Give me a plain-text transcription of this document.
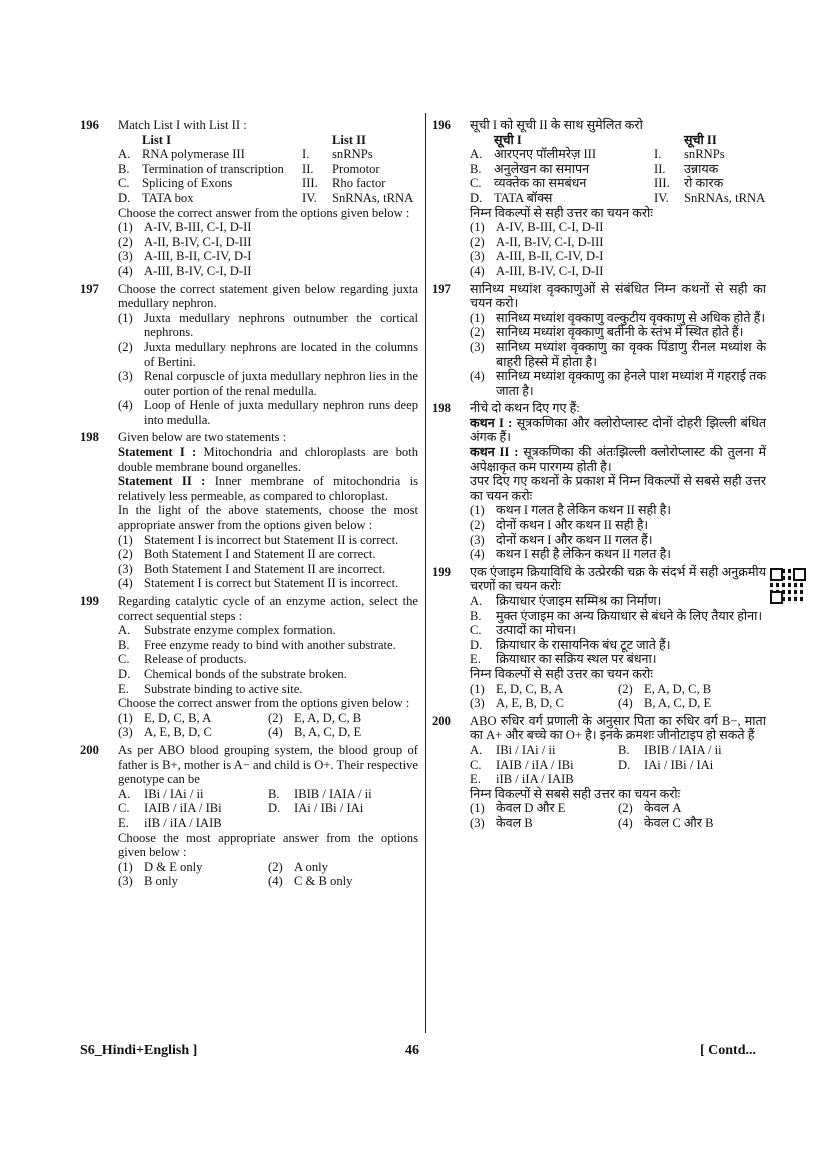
196 Match List I with List II :
	List I		List II
A.	RNA polymerase III	I.	snRNPs
B.	Termination of transcription	II.	Promotor
C.	Splicing of Exons	III.	Rho factor
D.	TATA box	IV.	SnRNAs, tRNA
Choose the correct answer from the options given below :
(1) A-IV, B-III, C-I, D-II
(2) A-II, B-IV, C-I, D-III
(3) A-III, B-II, C-IV, D-I
(4) A-III, B-IV, C-I, D-II
197 Choose the correct statement given below regarding juxta medullary nephron.
(1) Juxta medullary nephrons outnumber the cortical nephrons.
(2) Juxta medullary nephrons are located in the columns of Bertini.
(3) Renal corpuscle of juxta medullary nephron lies in the outer portion of the renal medulla.
(4) Loop of Henle of juxta medullary nephron runs deep into medulla.
198 Given below are two statements :
Statement I : Mitochondria and chloroplasts are both double membrane bound organelles.
Statement II : Inner membrane of mitochondria is relatively less permeable, as compared to chloroplast.
In the light of the above statements, choose the most appropriate answer from the options given below :
(1) Statement I is incorrect but Statement II is correct.
(2) Both Statement I and Statement II are correct.
(3) Both Statement I and Statement II are incorrect.
(4) Statement I is correct but Statement II is incorrect.
199 Regarding catalytic cycle of an enzyme action, select the correct sequential steps :
A.	Substrate enzyme complex formation.
B.	Free enzyme ready to bind with another substrate.
C.	Release of products.
D.	Chemical bonds of the substrate broken.
E.	Substrate binding to active site.
Choose the correct answer from the options given below :
(1) E, D, C, B, A	(2) E, A, D, C, B
(3) A, E, B, D, C	(4) B, A, C, D, E
200 As per ABO blood grouping system, the blood group of father is B+, mother is A− and child is O+. Their respective genotype can be
A.	IBi / IAi / ii	B.	IBIB / IAIA / ii
C.	IAIB / iIA / IBi	D.	IAi / IBi / IAi
E.	iIB / iIA / IAIB
Choose the most appropriate answer from the options given below :
(1) D & E only	(2) A only
(3) B only	(4) C & B only
196 सूची I को सूची II के साथ सुमेलित करो
	सूची I		सूची II
A.	आरएनए पॉलीमरेज़ III	I.	snRNPs
B.	अनुलेखन का समापन	II.	उन्नायक
C.	व्यक्तेक का समबंधन	III.	रो कारक
D.	TATA बॉक्स	IV.	SnRNAs, tRNA
निम्न विकल्पों से सही उत्तर का चयन करोः
(1) A-IV, B-III, C-I, D-II
(2) A-II, B-IV, C-I, D-III
(3) A-III, B-II, C-IV, D-I
(4) A-III, B-IV, C-I, D-II
197 सानिध्य मध्यांश वृक्काणुओं से संबंधित निम्न कथनों से सही का चयन करो।
(1) सानिध्य मध्यांश वृक्काणु वल्कुटीय वृक्काणु से अधिक होते हैं।
(2) सानिध्य मध्यांश वृक्काणु बर्तीनी के स्तंभ में स्थित होते हैं।
(3) सानिध्य मध्यांश वृक्काणु का वृक्क पिंडाणु रीनल मध्यांश के बाहरी हिस्से में होता है।
(4) सानिध्य मध्यांश वृक्काणु का हेनले पाश मध्यांश में गहराई तक जाता है।
198 नीचे दो कथन दिए गए हैं:
कथन I : सूत्रकणिका और क्लोरोप्लास्ट दोनों दोहरी झिल्ली बंधित अंगक हैं।
कथन II : सूत्रकणिका की अंतःझिल्ली क्लोरोप्लास्ट की तुलना में अपेक्षाकृत कम पारगम्य होती है।
उपर दिए गए कथनों के प्रकाश में निम्न विकल्पों से सबसे सही उत्तर का चयन करोः
(1) कथन I गलत है लेकिन कथन II सही है।
(2) दोनों कथन I और कथन II सही है।
(3) दोनों कथन I और कथन II गलत हैं।
(4) कथन I सही है लेकिन कथन II गलत है।
199 एक एंजाइम क्रियाविधि के उत्प्रेरकी चक्र के संदर्भ में सही अनुक्रमीय चरणों का चयन करोः
A.	क्रियाधार एंजाइम सम्मिश्र का निर्माण।
B.	मुक्त एंजाइम का अन्य क्रियाधार से बंधने के लिए तैयार होना।
C.	उत्पादों का मोचन।
D.	क्रियाधार के रासायनिक बंध टूट जाते हैं।
E.	क्रियाधार का सक्रिय स्थल पर बंधना।
निम्न विकल्पों से सही उत्तर का चयन करोः
(1) E, D, C, B, A	(2) E, A, D, C, B
(3) A, E, B, D, C	(4) B, A, C, D, E
200 ABO रुधिर वर्ग प्रणाली के अनुसार पिता का रुधिर वर्ग B−, माता का A+ और बच्चे का O+ है। इनके क्रमशः जीनोटाइप हो सकते हैं
A.	IBi / IAi / ii	B.	IBIB / IAIA / ii
C.	IAIB / iIA / IBi	D.	IAi / IBi / IAi
E.	iIB / iIA / IAIB
निम्न विकल्पों से सबसे सही उत्तर का चयन करोः
(1) केवल D और E	(2) केवल A
(3) केवल B	(4) केवल C और B
S6_Hindi+English ]	46	[ Contd...
